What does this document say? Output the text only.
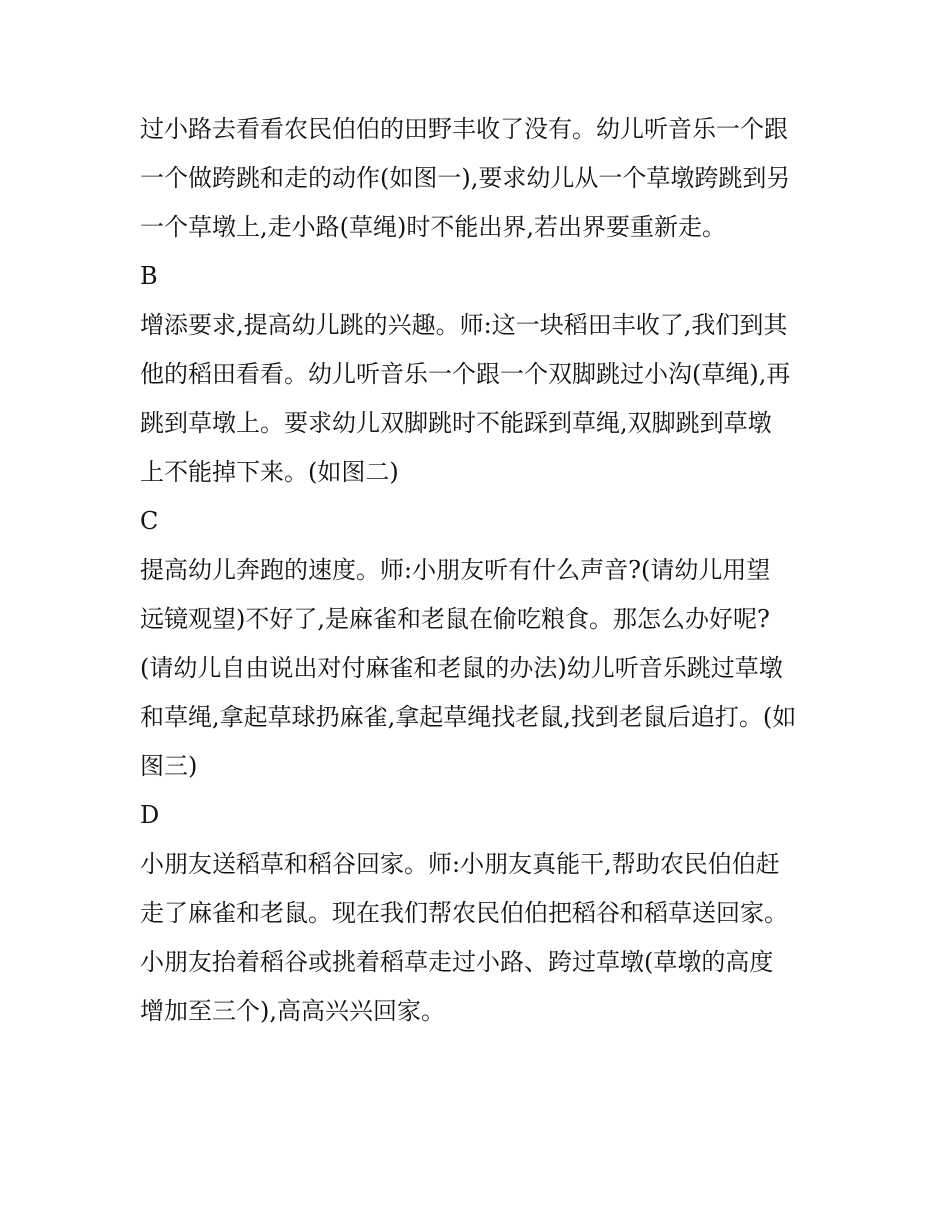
过小路去看看农民伯伯的田野丰收了没有。幼儿听音乐一个跟
一个做跨跳和走的动作(如图一),要求幼儿从一个草墩跨跳到另
一个草墩上,走小路(草绳)时不能出界,若出界要重新走。
B
增添要求,提高幼儿跳的兴趣。师:这一块稻田丰收了,我们到其
他的稻田看看。幼儿听音乐一个跟一个双脚跳过小沟(草绳),再
跳到草墩上。要求幼儿双脚跳时不能踩到草绳,双脚跳到草墩
上不能掉下来。(如图二)
C
提高幼儿奔跑的速度。师:小朋友听有什么声音?(请幼儿用望
远镜观望)不好了,是麻雀和老鼠在偷吃粮食。那怎么办好呢?
(请幼儿自由说出对付麻雀和老鼠的办法)幼儿听音乐跳过草墩
和草绳,拿起草球扔麻雀,拿起草绳找老鼠,找到老鼠后追打。(如
图三)
D
小朋友送稻草和稻谷回家。师:小朋友真能干,帮助农民伯伯赶
走了麻雀和老鼠。现在我们帮农民伯伯把稻谷和稻草送回家。
小朋友抬着稻谷或挑着稻草走过小路、跨过草墩(草墩的高度
增加至三个),高高兴兴回家。
